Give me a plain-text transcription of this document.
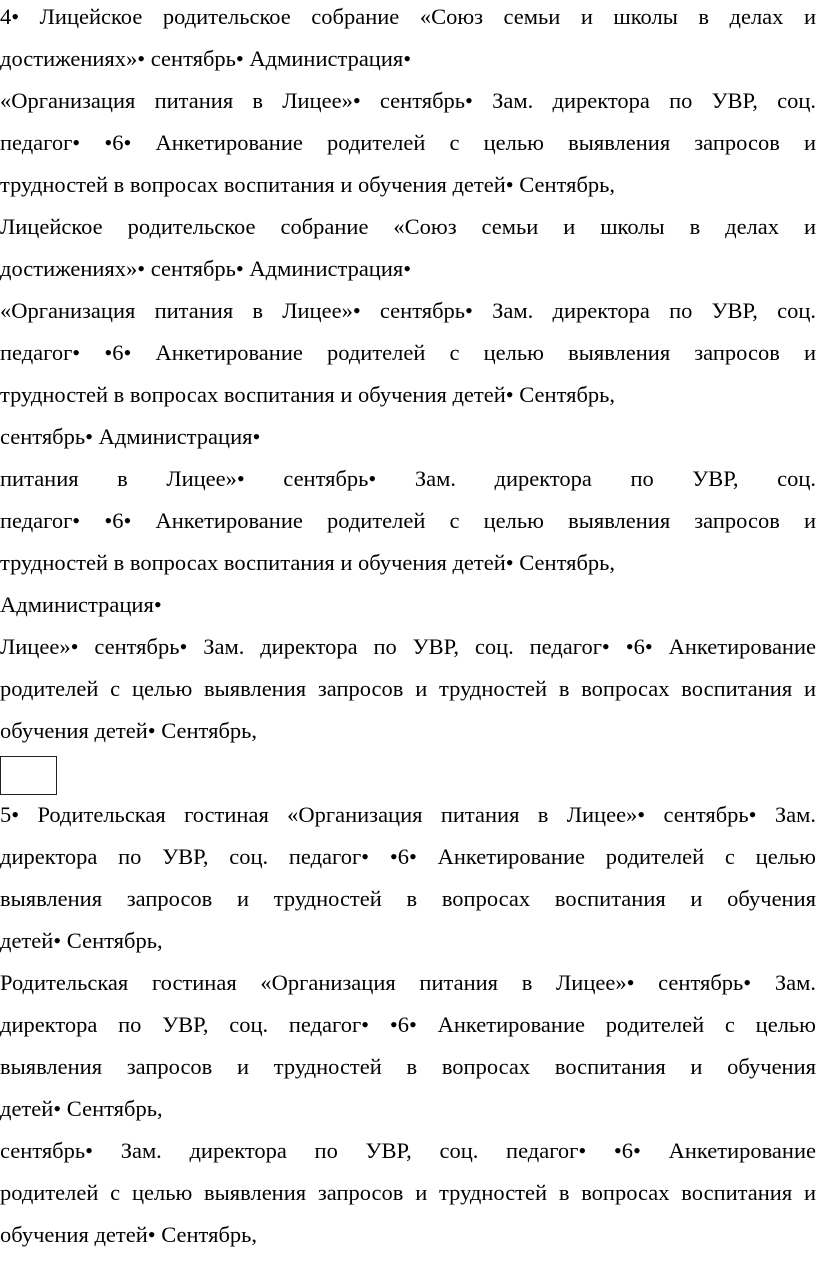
4• Лицейское родительское собрание «Союз семьи и школы в делах и
достижениях»• сентябрь• Администрация•
«Организация питания в Лицее»• сентябрь• Зам. директора по УВР, соц.
педагог• •6• Анкетирование родителей с целью выявления запросов и
трудностей в вопросах воспитания и обучения детей• Сентябрь,
Лицейское родительское собрание «Союз семьи и школы в делах и
достижениях»• сентябрь• Администрация•
«Организация питания в Лицее»• сентябрь• Зам. директора по УВР, соц.
педагог• •6• Анкетирование родителей с целью выявления запросов и
трудностей в вопросах воспитания и обучения детей• Сентябрь,
сентябрь• Администрация•
питания в Лицее»• сентябрь• Зам. директора по УВР, соц.
педагог• •6• Анкетирование родителей с целью выявления запросов и
трудностей в вопросах воспитания и обучения детей• Сентябрь,
Администрация•
Лицее»• сентябрь• Зам. директора по УВР, соц. педагог• •6• Анкетирование
родителей с целью выявления запросов и трудностей в вопросах воспитания и
обучения детей• Сентябрь,
5• Родительская гостиная «Организация питания в Лицее»• сентябрь• Зам.
директора по УВР, соц. педагог• •6• Анкетирование родителей с целью
выявления запросов и трудностей в вопросах воспитания и обучения
детей• Сентябрь,
Родительская гостиная «Организация питания в Лицее»• сентябрь• Зам.
директора по УВР, соц. педагог• •6• Анкетирование родителей с целью
выявления запросов и трудностей в вопросах воспитания и обучения
детей• Сентябрь,
сентябрь• Зам. директора по УВР, соц. педагог• •6• Анкетирование
родителей с целью выявления запросов и трудностей в вопросах воспитания и
обучения детей• Сентябрь,
